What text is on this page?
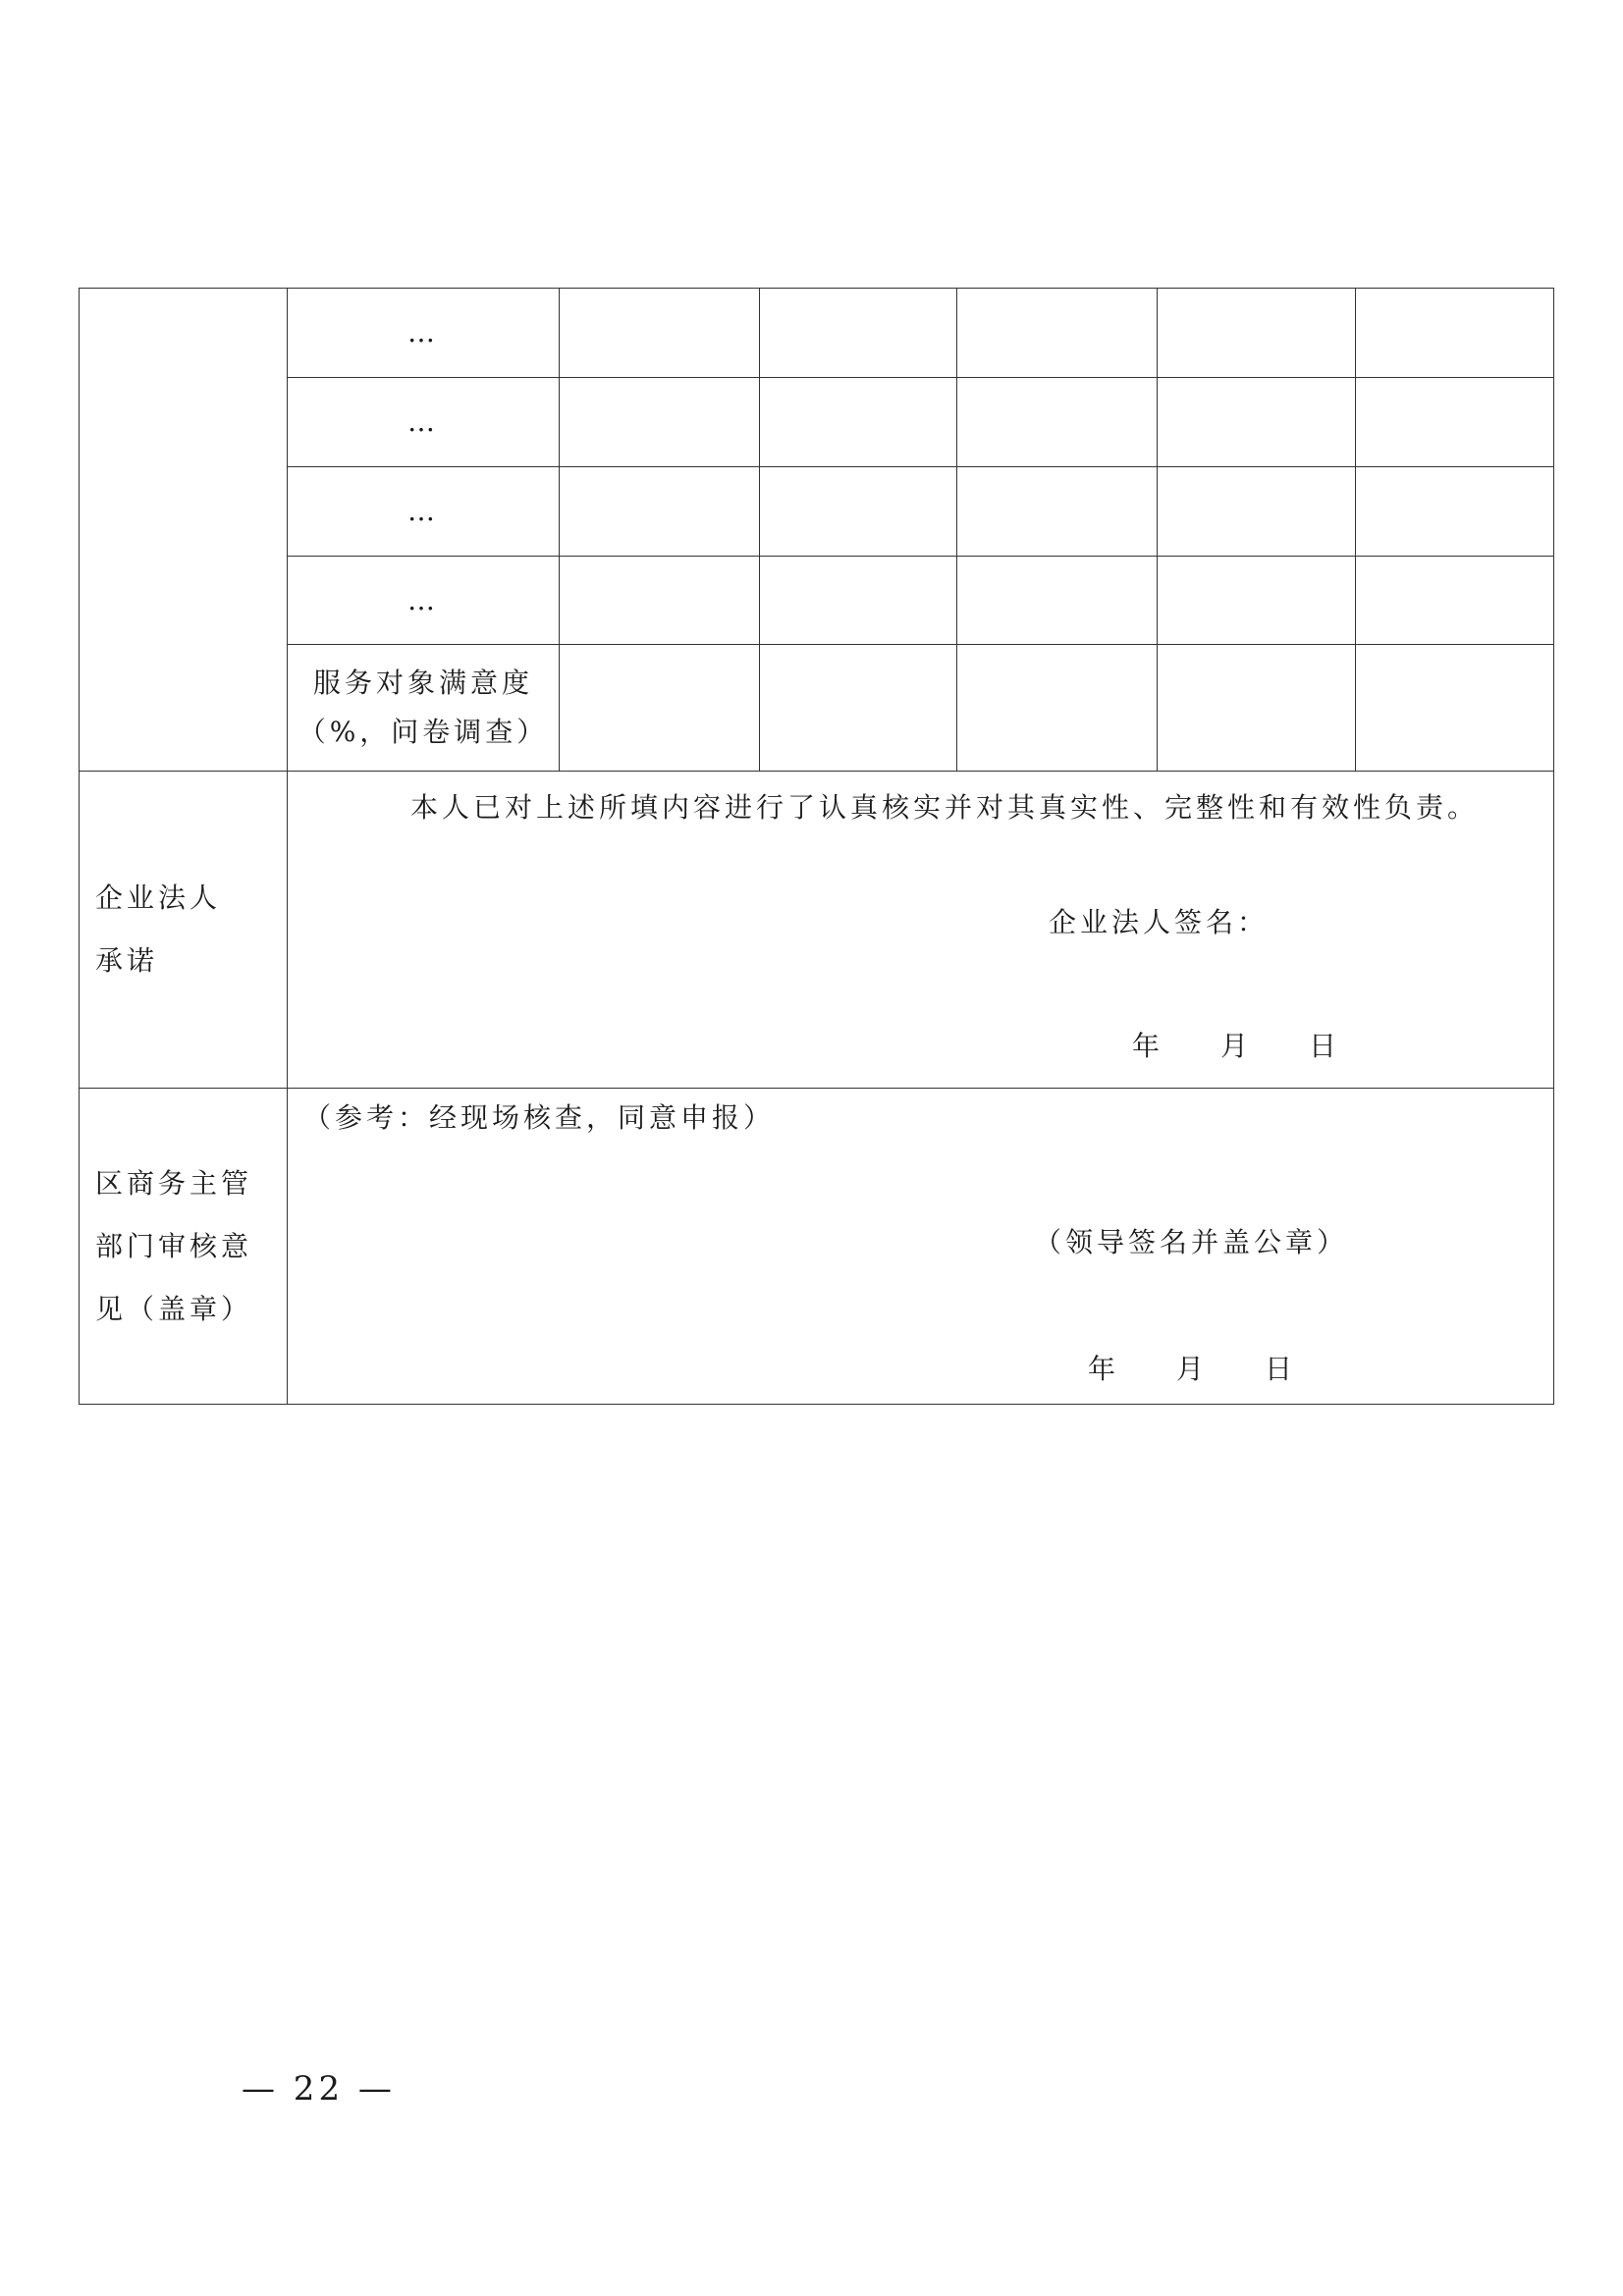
	…					

	…					

	…					

	…					

	服务对象满意度
（%，问卷调查）					

企业法人
承诺	本人已对上述所填内容进行了认真核实并对其真实性、完整性和有效性负责。
企业法人签名：
年 月 日					

区商务主管
部门审核意
见（盖章）	（参考：经现场核查，同意申报）
（领导签名并盖公章）
年 月 日					
— 22 —
